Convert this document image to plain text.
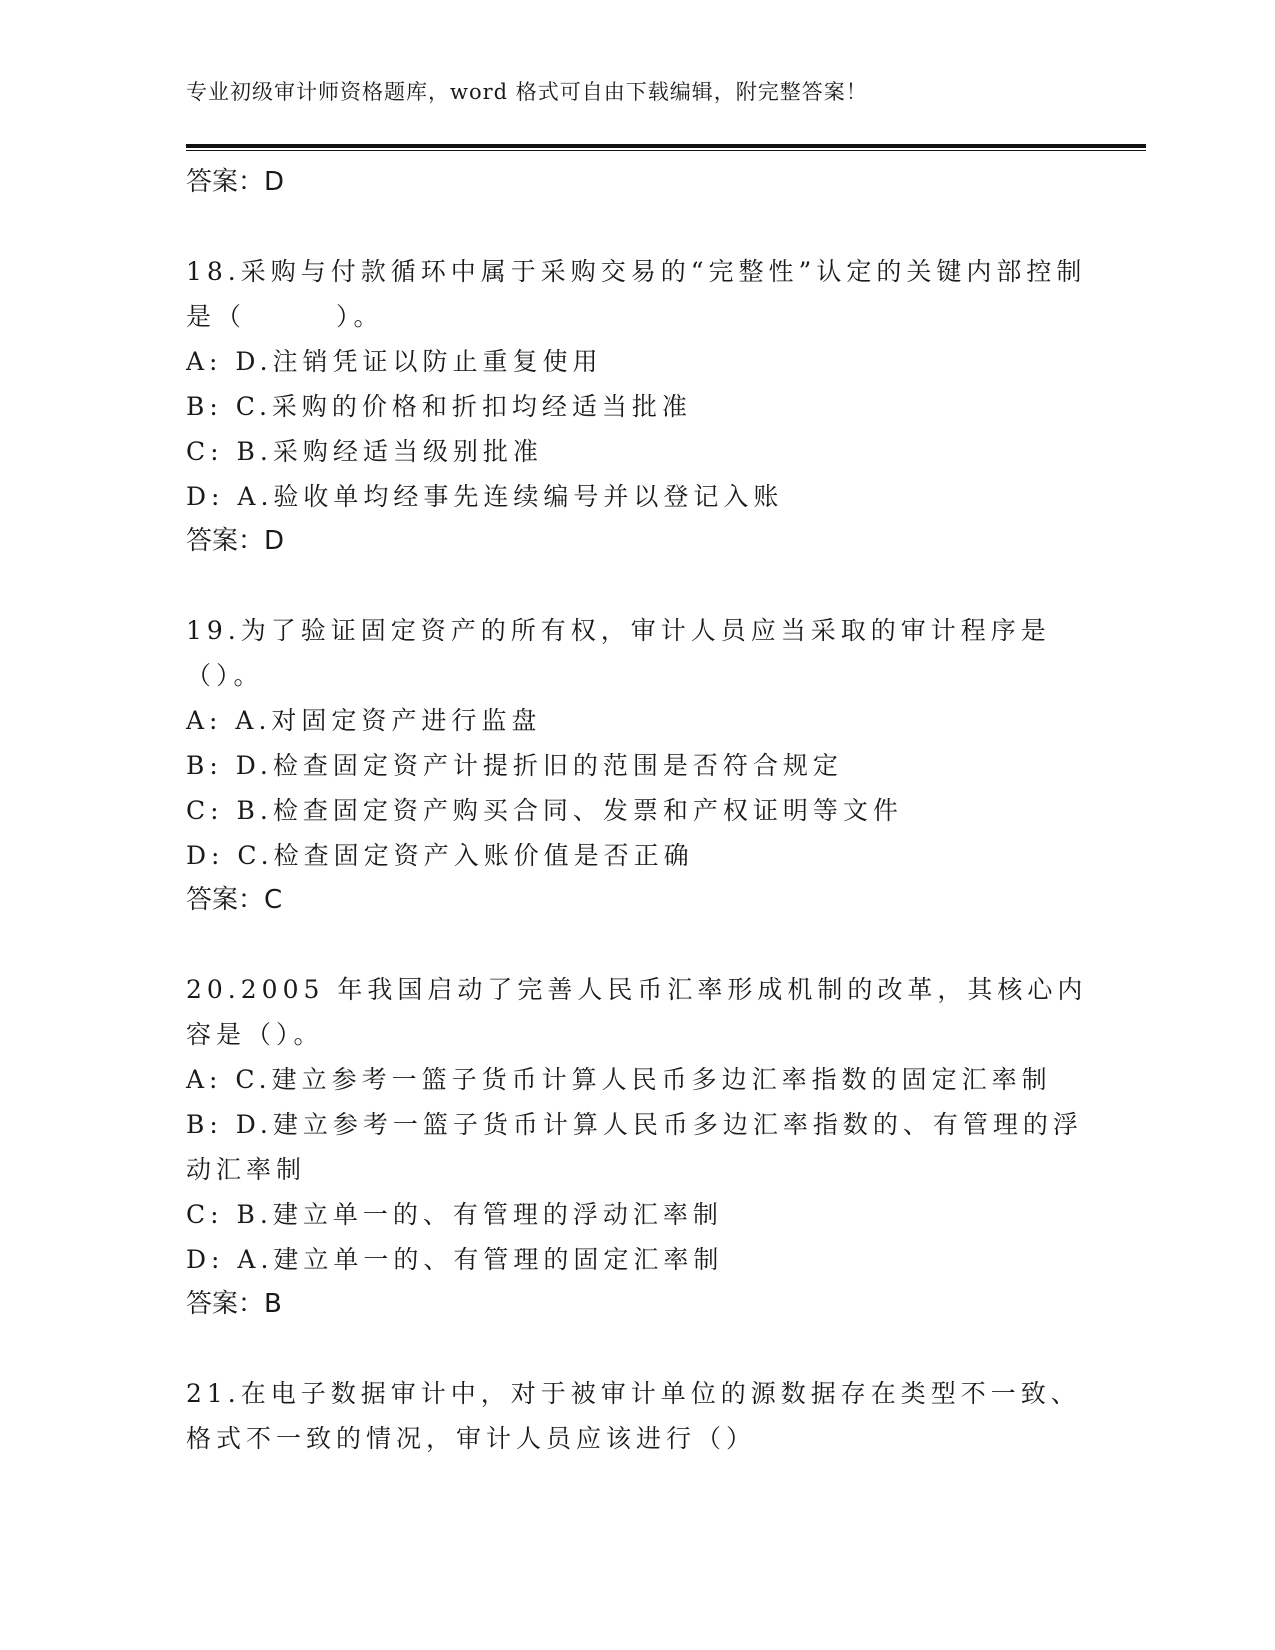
专业初级审计师资格题库，word 格式可自由下载编辑，附完整答案！
答案：D
18.采购与付款循环中属于采购交易的“完整性”认定的关键内部控制是（　　　）。
A: D.注销凭证以防止重复使用
B: C.采购的价格和折扣均经适当批准
C: B.采购经适当级别批准
D: A.验收单均经事先连续编号并以登记入账
答案：D
19.为了验证固定资产的所有权，审计人员应当采取的审计程序是（）。
A: A.对固定资产进行监盘
B: D.检查固定资产计提折旧的范围是否符合规定
C: B.检查固定资产购买合同、发票和产权证明等文件
D: C.检查固定资产入账价值是否正确
答案：C
20.2005 年我国启动了完善人民币汇率形成机制的改革，其核心内容是（）。
A: C.建立参考一篮子货币计算人民币多边汇率指数的固定汇率制
B: D.建立参考一篮子货币计算人民币多边汇率指数的、有管理的浮动汇率制
C: B.建立单一的、有管理的浮动汇率制
D: A.建立单一的、有管理的固定汇率制
答案：B
21.在电子数据审计中，对于被审计单位的源数据存在类型不一致、格式不一致的情况，审计人员应该进行（）
